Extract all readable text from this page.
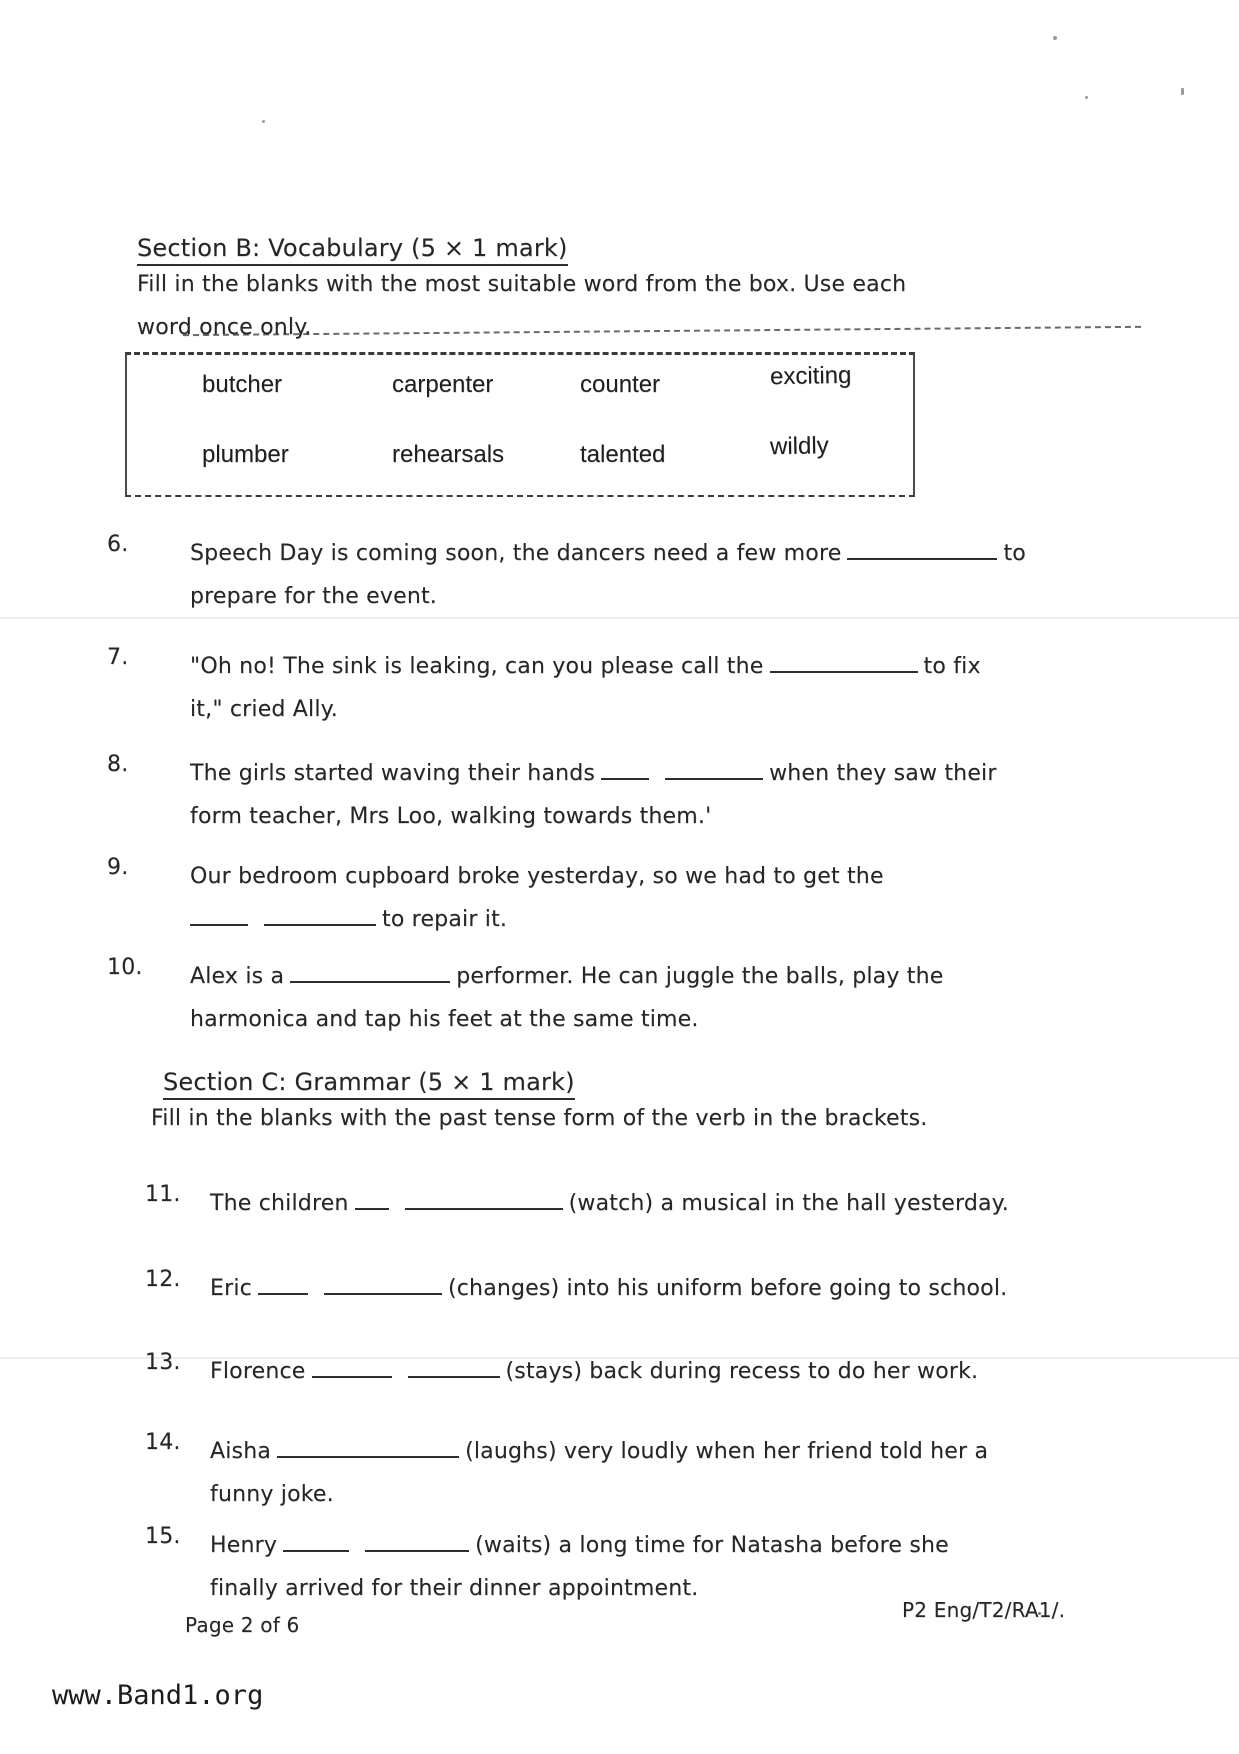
Section B: Vocabulary (5 × 1 mark)
Fill in the blanks with the most suitable word from the box. Use each
word once only.
butcher	carpenter	counter	exciting
plumber	rehearsals	talented	wildly
6.	Speech Day is coming soon, the dancers need a few more	to
prepare for the event.
7.	"Oh no! The sink is leaking, can you please call the	to fix
it," cried Ally.
8.	The girls started waving their hands	when they saw their
form teacher, Mrs Loo, walking towards them.'
9.	Our bedroom cupboard broke yesterday, so we had to get the
to repair it.
10.	Alex is a	performer. He can juggle the balls, play the
harmonica and tap his feet at the same time.
Section C: Grammar (5 × 1 mark)
Fill in the blanks with the past tense form of the verb in the brackets.
11.	The children	(watch) a musical in the hall yesterday.
12.	Eric	(changes) into his uniform before going to school.
13.	Florence	(stays) back during recess to do her work.
14.	Aisha	(laughs) very loudly when her friend told her a
funny joke.
15.	Henry	(waits) a long time for Natasha before she
finally arrived for their dinner appointment.
P2 Eng/T2/RA1/.
Page 2 of 6
www.Band1.org
